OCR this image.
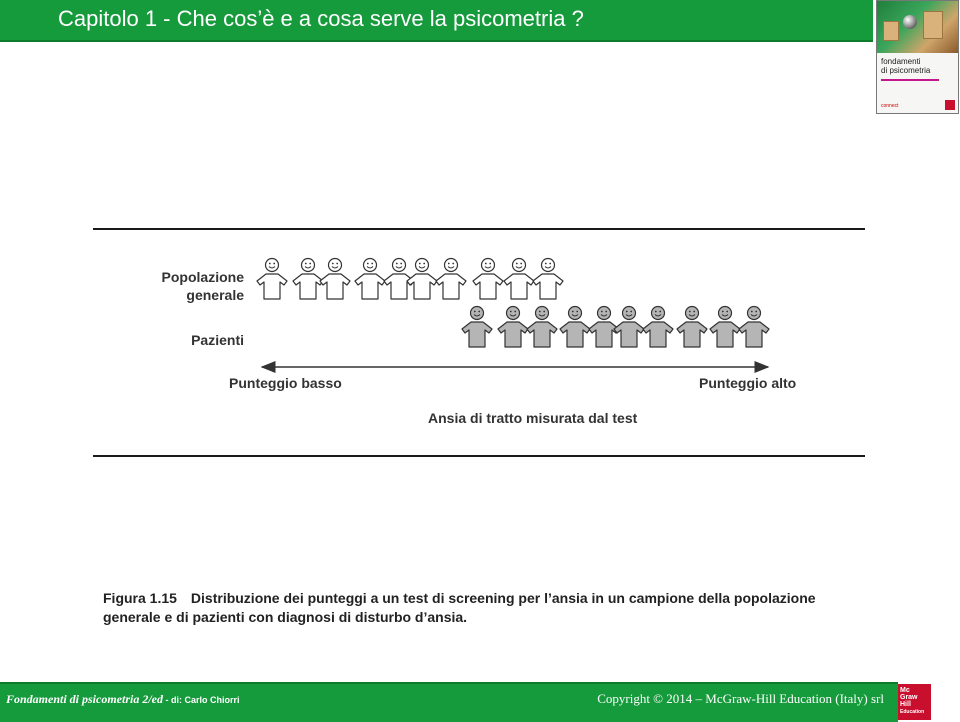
Capitolo 1 - Che cos’è e a cosa serve la psicometria ?
fondamenti
di psicometria
connect
Popolazione
generale
Pazienti
Punteggio basso	Punteggio alto
Ansia di tratto misurata dal test
Figura 1.15 Distribuzione dei punteggi a un test di screening per l’ansia in un campione della popolazione generale e di pazienti con diagnosi di disturbo d’ansia.
Fondamenti di psicometria 2/ed - di: Carlo Chiorri	Copyright © 2014 – McGraw-Hill Education (Italy) srl
Mc
Graw
Hill
Education
